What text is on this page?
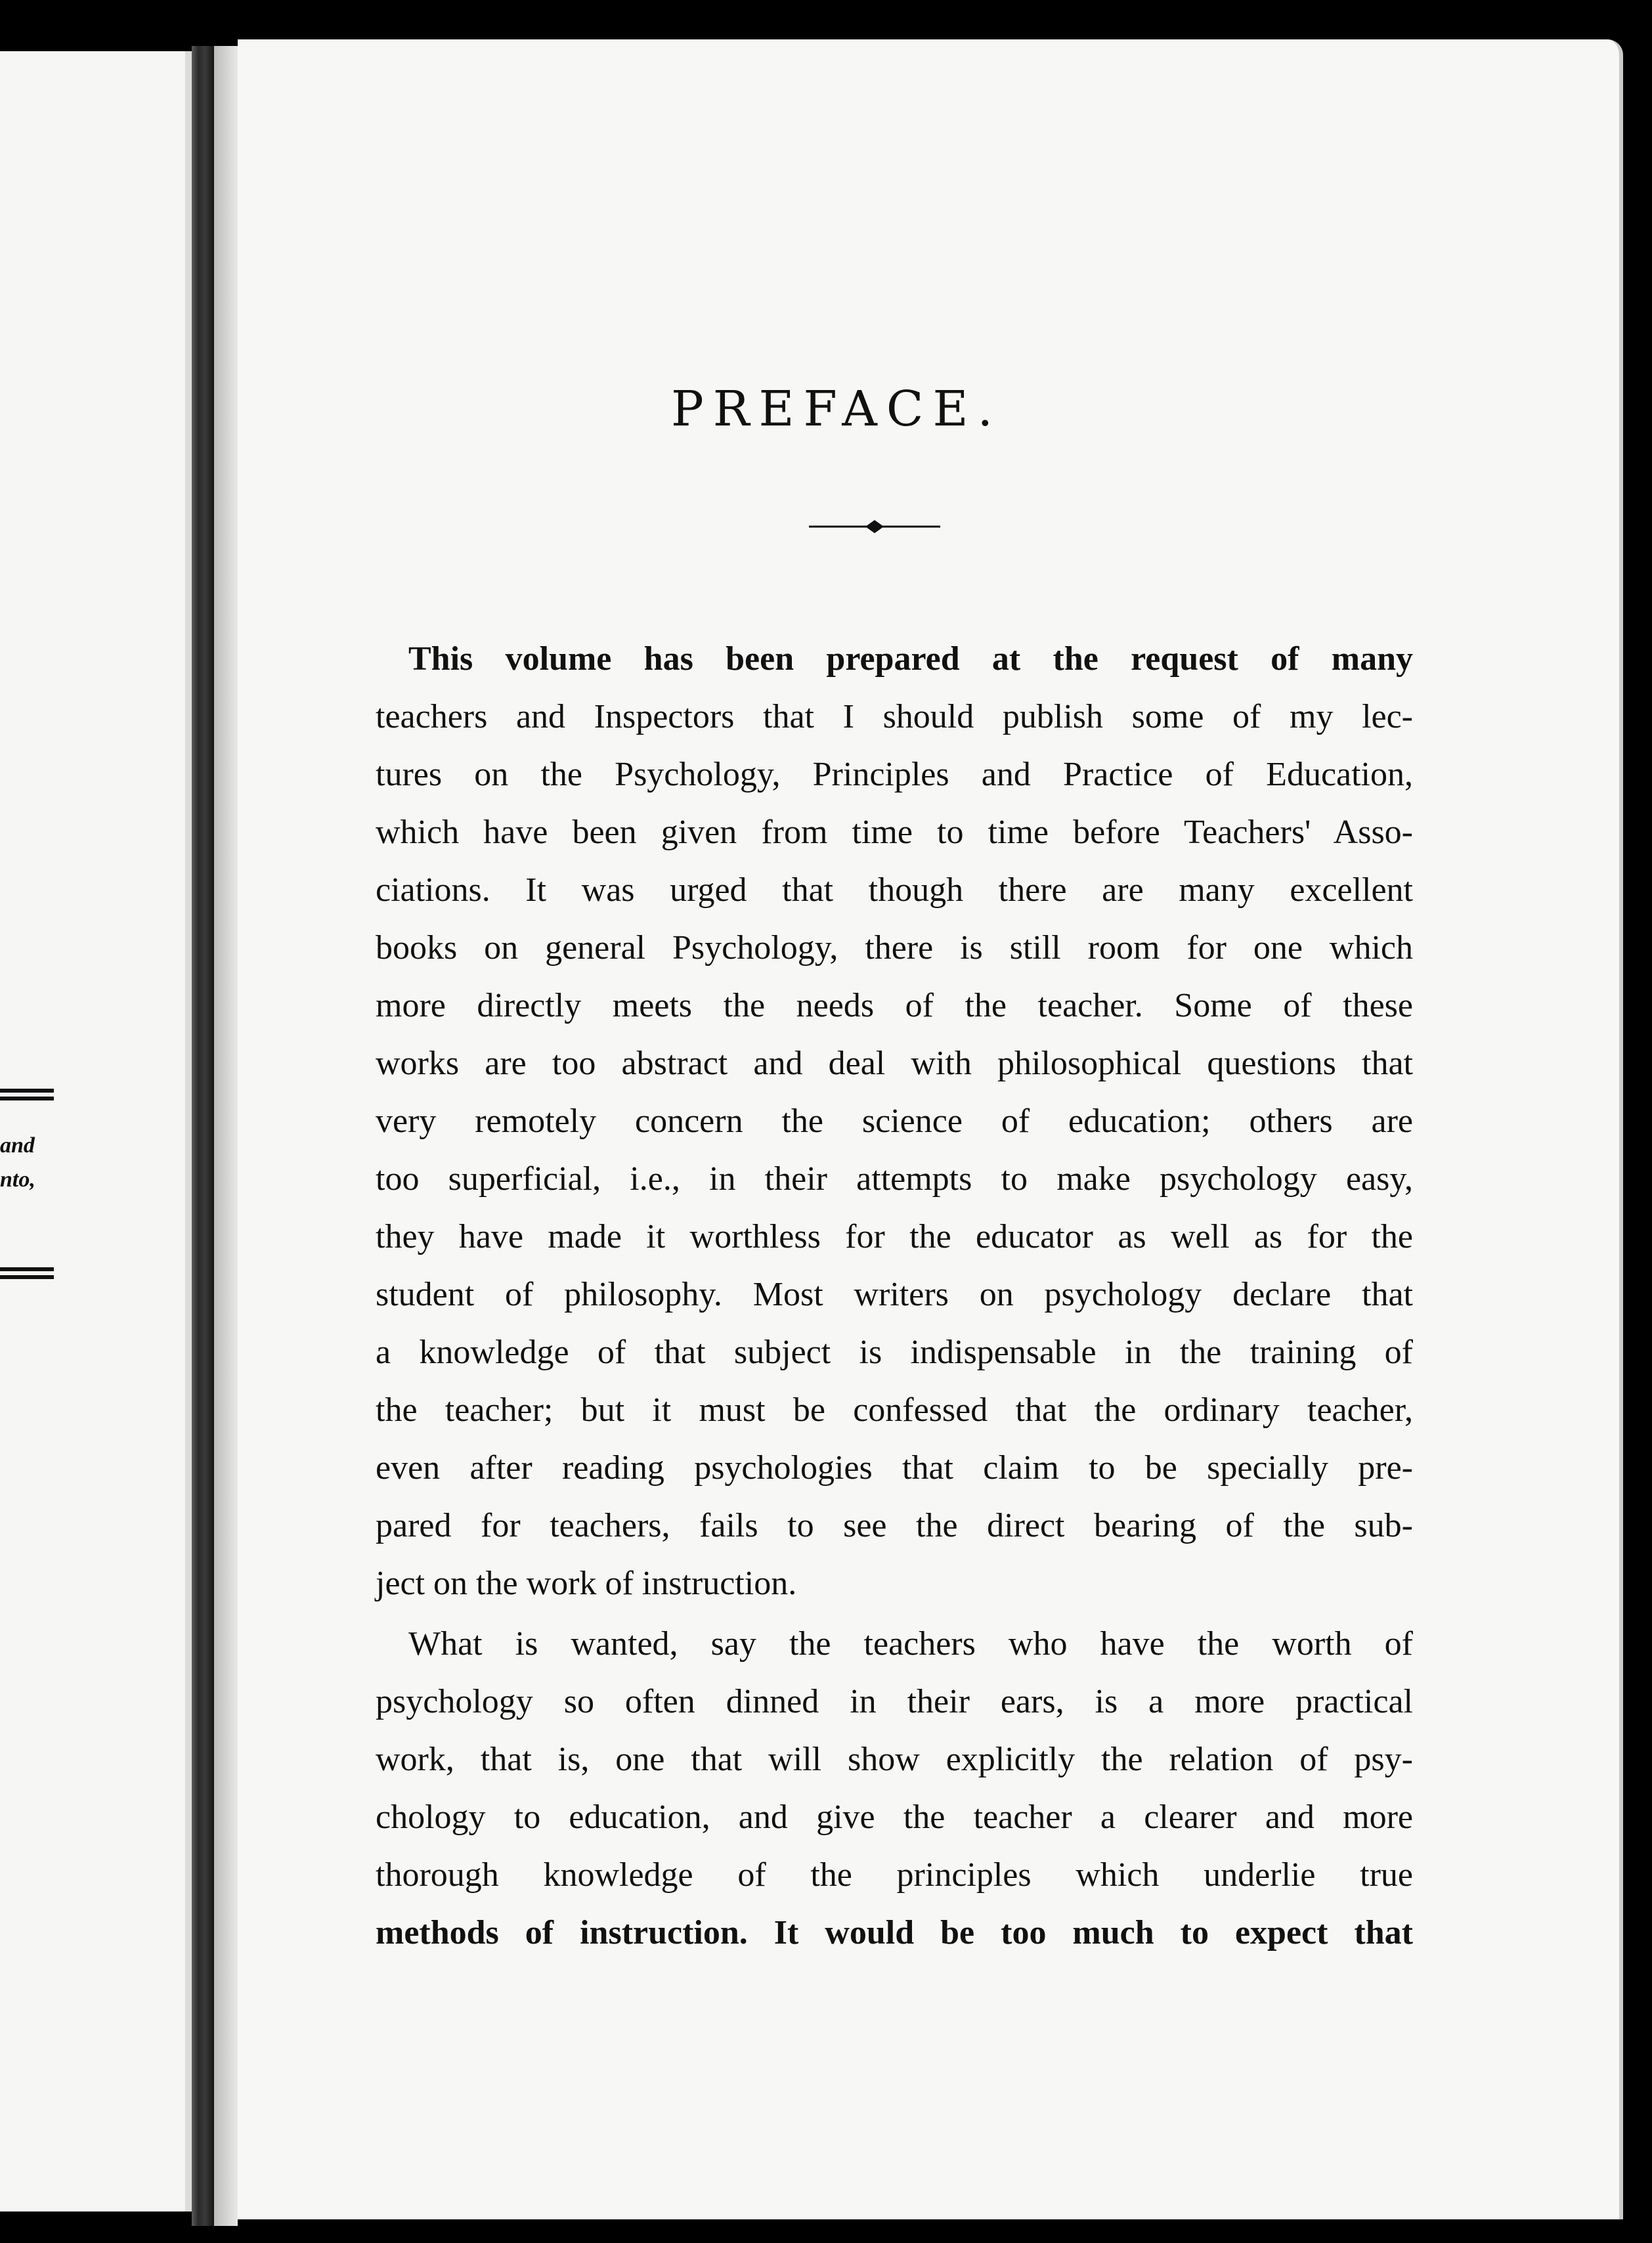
and
nto,
PREFACE.
This volume has been prepared at the request of many
teachers and Inspectors that I should publish some of my lec-
tures on the Psychology, Principles and Practice of Education,
which have been given from time to time before Teachers' Asso-
ciations. It was urged that though there are many excellent
books on general Psychology, there is still room for one which
more directly meets the needs of the teacher. Some of these
works are too abstract and deal with philosophical questions that
very remotely concern the science of education; others are
too superficial, i.e., in their attempts to make psychology easy,
they have made it worthless for the educator as well as for the
student of philosophy. Most writers on psychology declare that
a knowledge of that subject is indispensable in the training of
the teacher; but it must be confessed that the ordinary teacher,
even after reading psychologies that claim to be specially pre-
pared for teachers, fails to see the direct bearing of the sub-
ject on the work of instruction.
What is wanted, say the teachers who have the worth of
psychology so often dinned in their ears, is a more practical
work, that is, one that will show explicitly the relation of psy-
chology to education, and give the teacher a clearer and more
thorough knowledge of the principles which underlie true
methods of instruction. It would be too much to expect that
